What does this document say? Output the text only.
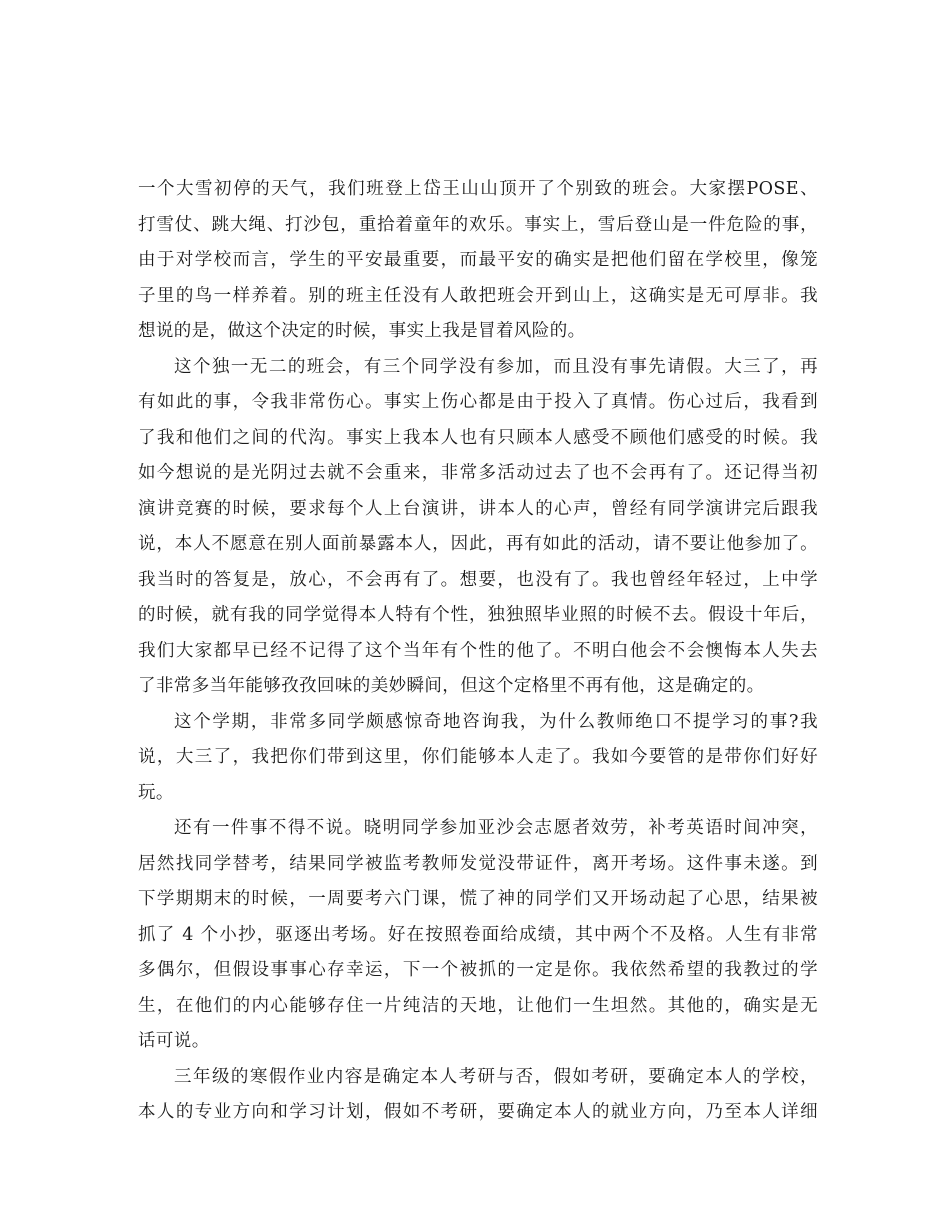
一个大雪初停的天气，我们班登上岱王山山顶开了个别致的班会。大家摆POSE、
打雪仗、跳大绳、打沙包，重拾着童年的欢乐。事实上，雪后登山是一件危险的事，
由于对学校而言，学生的平安最重要，而最平安的确实是把他们留在学校里，像笼
子里的鸟一样养着。别的班主任没有人敢把班会开到山上，这确实是无可厚非。我
想说的是，做这个决定的时候，事实上我是冒着风险的。
这个独一无二的班会，有三个同学没有参加，而且没有事先请假。大三了，再
有如此的事，令我非常伤心。事实上伤心都是由于投入了真情。伤心过后，我看到
了我和他们之间的代沟。事实上我本人也有只顾本人感受不顾他们感受的时候。我
如今想说的是光阴过去就不会重来，非常多活动过去了也不会再有了。还记得当初
演讲竞赛的时候，要求每个人上台演讲，讲本人的心声，曾经有同学演讲完后跟我
说，本人不愿意在别人面前暴露本人，因此，再有如此的活动，请不要让他参加了。
我当时的答复是，放心，不会再有了。想要，也没有了。我也曾经年轻过，上中学
的时候，就有我的同学觉得本人特有个性，独独照毕业照的时候不去。假设十年后，
我们大家都早已经不记得了这个当年有个性的他了。不明白他会不会懊悔本人失去
了非常多当年能够孜孜回味的美妙瞬间，但这个定格里不再有他，这是确定的。
这个学期，非常多同学颇感惊奇地咨询我，为什么教师绝口不提学习的事?我
说，大三了，我把你们带到这里，你们能够本人走了。我如今要管的是带你们好好
玩。
还有一件事不得不说。晓明同学参加亚沙会志愿者效劳，补考英语时间冲突，
居然找同学替考，结果同学被监考教师发觉没带证件，离开考场。这件事未遂。到
下学期期末的时候，一周要考六门课，慌了神的同学们又开场动起了心思，结果被
抓了 4 个小抄，驱逐出考场。好在按照卷面给成绩，其中两个不及格。人生有非常
多偶尔，但假设事事心存幸运，下一个被抓的一定是你。我依然希望的我教过的学
生，在他们的内心能够存住一片纯洁的天地，让他们一生坦然。其他的，确实是无
话可说。
三年级的寒假作业内容是确定本人考研与否，假如考研，要确定本人的学校，
本人的专业方向和学习计划，假如不考研，要确定本人的就业方向，乃至本人详细
